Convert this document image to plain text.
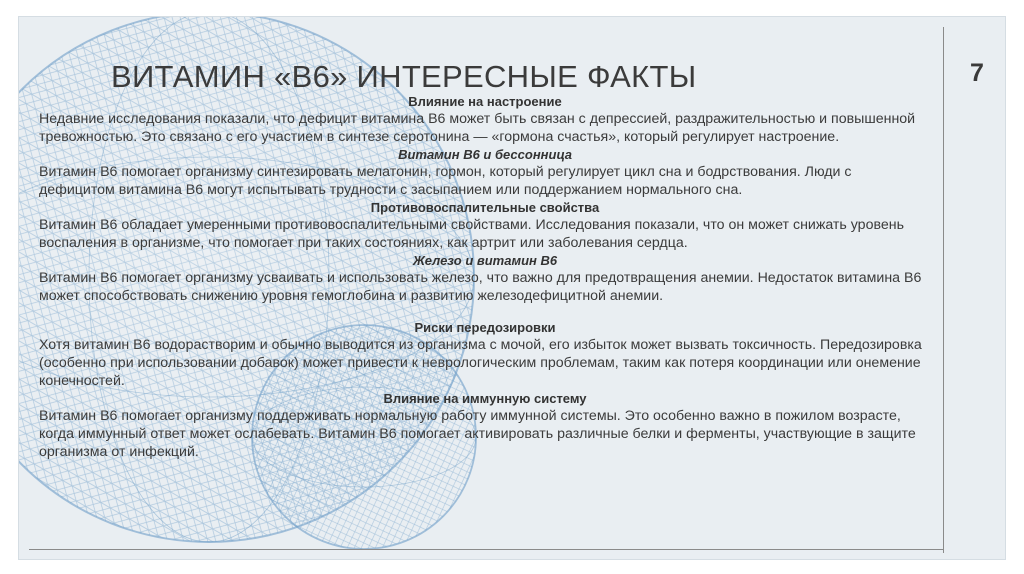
7
ВИТАМИН «В6» ИНТЕРЕСНЫЕ ФАКТЫ
Влияние на настроение

Недавние исследования показали, что дефицит витамина B6 может быть связан с депрессией, раздражительностью и повышенной тревожностью. Это связано с его участием в синтезе серотонина — «гормона счастья», который регулирует настроение.

Витамин B6 и бессонница

Витамин B6 помогает организму синтезировать мелатонин, гормон, который регулирует цикл сна и бодрствования. Люди с дефицитом витамина B6 могут испытывать трудности с засыпанием или поддержанием нормального сна.

Противовоспалительные свойства

Витамин B6 обладает умеренными противовоспалительными свойствами. Исследования показали, что он может снижать уровень воспаления в организме, что помогает при таких состояниях, как артрит или заболевания сердца.

Железо и витамин B6

Витамин B6 помогает организму усваивать и использовать железо, что важно для предотвращения анемии. Недостаток витамина B6 может способствовать снижению уровня гемоглобина и развитию железодефицитной анемии.

Риски передозировки

Хотя витамин B6 водорастворим и обычно выводится из организма с мочой, его избыток может вызвать токсичность. Передозировка (особенно при использовании добавок) может привести к неврологическим проблемам, таким как потеря координации или онемение конечностей.

Влияние на иммунную систему

Витамин B6 помогает организму поддерживать нормальную работу иммунной системы. Это особенно важно в пожилом возрасте, когда иммунный ответ может ослабевать. Витамин B6 помогает активировать различные белки и ферменты, участвующие в защите организма от инфекций.
